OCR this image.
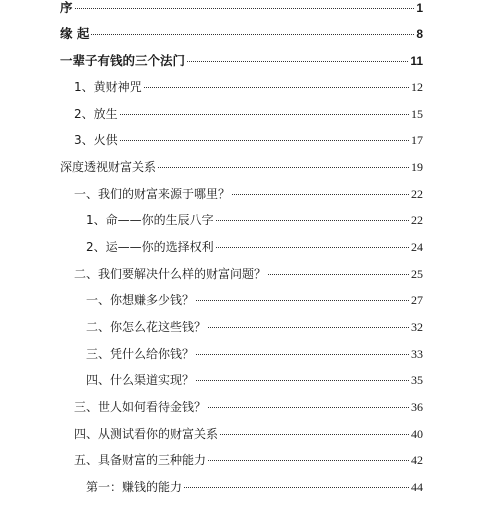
序	1
缘 起	8
一辈子有钱的三个法门	11
1、黄财神咒	12
2、放生	15
3、火供	17
深度透视财富关系	19
一、我们的财富来源于哪里？	22
1、命——你的生辰八字	22
2、运——你的选择权利	24
二、我们要解决什么样的财富问题？	25
一、你想赚多少钱？	27
二、你怎么花这些钱？	32
三、凭什么给你钱？	33
四、什么渠道实现？	35
三、世人如何看待金钱？	36
四、从测试看你的财富关系	40
五、具备财富的三种能力	42
第一：赚钱的能力	44
